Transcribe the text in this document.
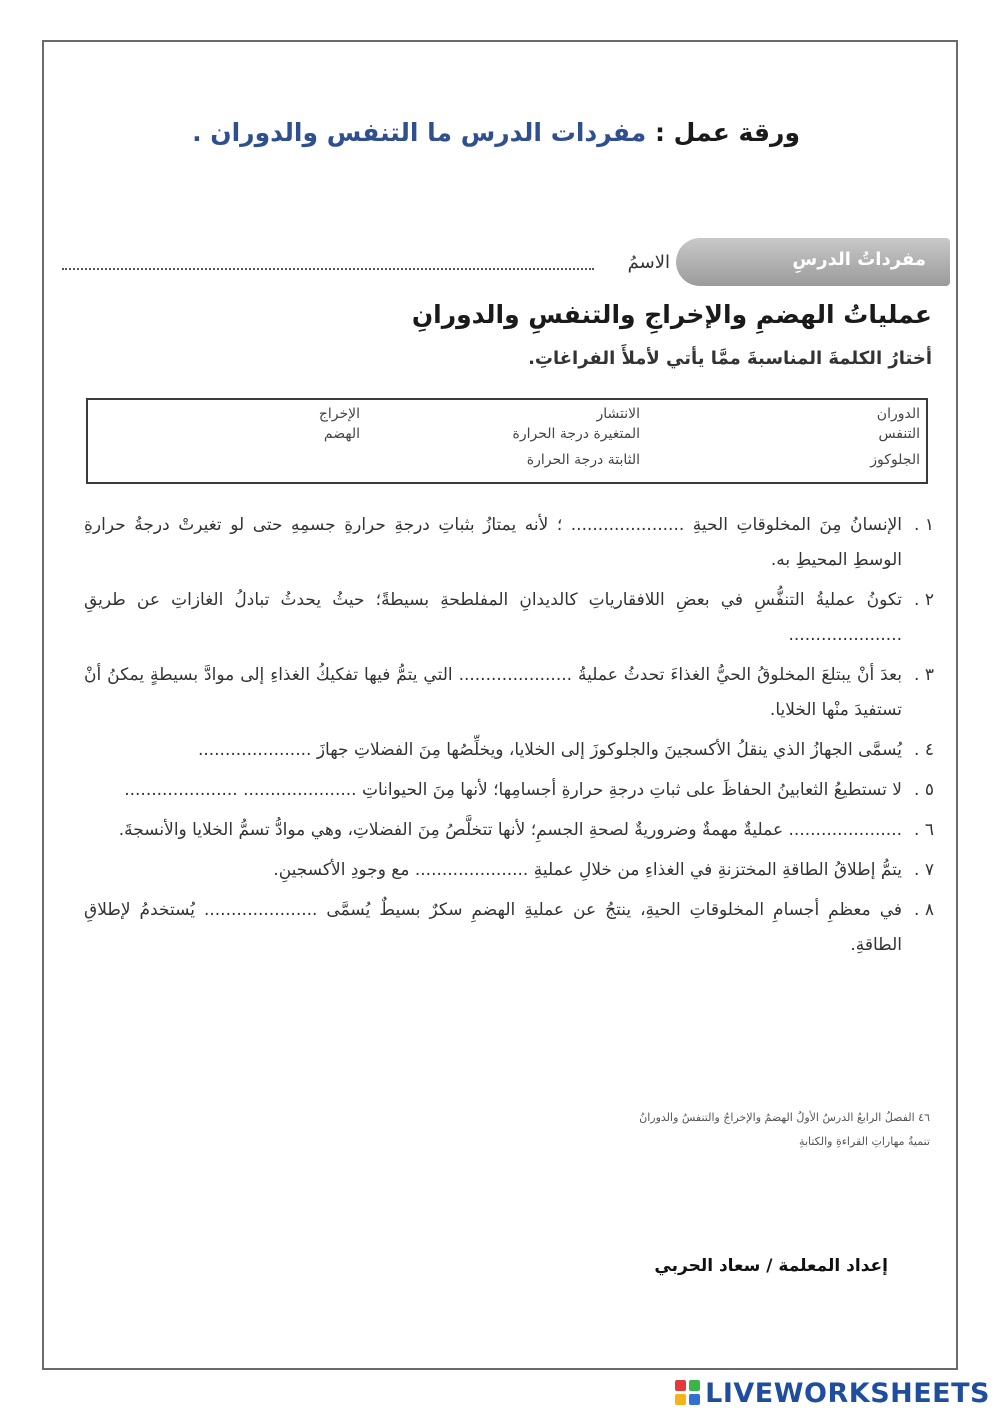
ورقة عمل : مفردات الدرس ما التنفس والدوران .
الاسمُ	مفرداتُ الدرسِ
عملياتُ الهضمِ والإخراجِ والتنفسِ والدورانِ
أختارُ الكلمةَ المناسبةَ ممَّا يأتي لأملأَ الفراغاتِ.
الدوران
التنفس
الجلوكوز
الانتشار
المتغيرة درجة الحرارة
الثابتة درجة الحرارة
الإخراج
الهضم
١ .
الإنسانُ مِنَ المخلوقاتِ الحيةِ ..................... ؛ لأنه يمتازُ بثباتِ درجةِ حرارةِ جسمِهِ حتى لو تغيرتْ درجةُ حرارةِ الوسطِ المحيطِ به.
٢ .
تكونُ عمليةُ التنفُّسِ في بعضِ اللافقارياتِ كالديدانِ المفلطحةِ بسيطةً؛ حيثُ يحدثُ تبادلُ الغازاتِ عن طريقِ .....................
٣ .
بعدَ أنْ يبتلعَ المخلوقُ الحيُّ الغذاءَ تحدثُ عمليةُ ..................... التي يتمُّ فيها تفكيكُ الغذاءِ إلى موادَّ بسيطةٍ يمكنُ أنْ تستفيدَ منْها الخلايا.
٤ .
يُسمَّى الجهازُ الذي ينقلُ الأكسجينَ والجلوكوزَ إلى الخلايا، ويخلِّصُها مِنَ الفضلاتِ جهازَ .....................
٥ .
لا تستطيعُ الثعابينُ الحفاظَ على ثباتِ درجةِ حرارةِ أجسامِها؛ لأنها مِنَ الحيواناتِ ..................... .....................
٦ .
..................... عمليةٌ مهمةٌ وضروريةٌ لصحةِ الجسمِ؛ لأنها تتخلَّصُ مِنَ الفضلاتِ، وهي موادُّ تسمُّ الخلايا والأنسجةَ.
٧ .
يتمُّ إطلاقُ الطاقةِ المختزنةِ في الغذاءِ من خلالِ عمليةِ ..................... مع وجودِ الأكسجينِ.
٨ .
في معظمِ أجسامِ المخلوقاتِ الحيةِ، ينتجُ عن عمليةِ الهضمِ سكرٌ بسيطٌ يُسمَّى ..................... يُستخدمُ لإطلاقِ الطاقةِ.
٤٦ الفصلُ الرابعُ الدرسُ الأولُ الهضمُ والإخراجُ والتنفسُ والدورانُ
تنميةُ مهاراتِ القراءةِ والكتابةِ
إعداد المعلمة / سعاد الحربي
LIVEWORKSHEETS
